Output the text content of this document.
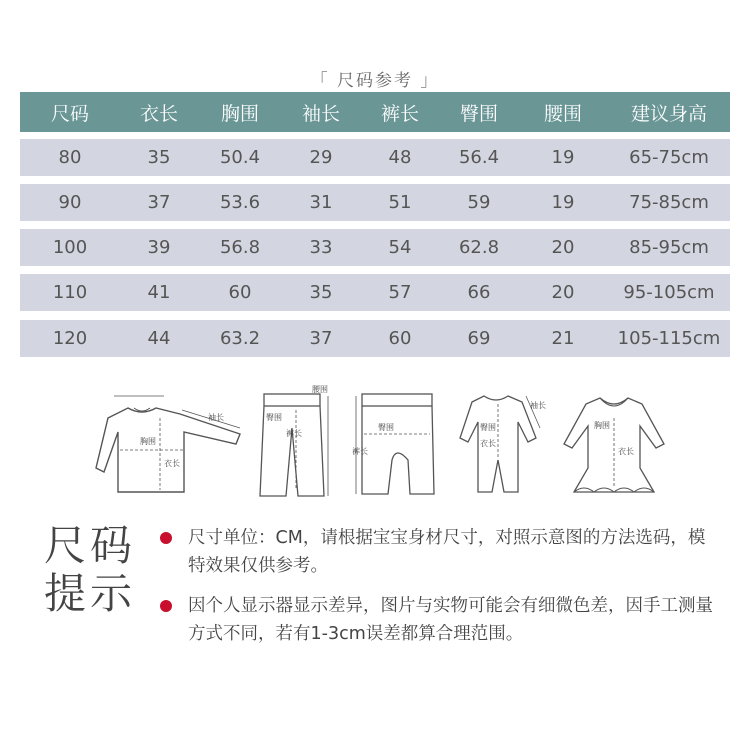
「 尺码参考 」
尺码	衣长	胸围	袖长	裤长	臀围	腰围	建议身高
80	35	50.4	29	48	56.4	19	65-75cm
90	37	53.6	31	51	59	19	75-85cm
100	39	56.8	33	54	62.8	20	85-95cm
110	41	60	35	57	66	20	95-105cm
120	44	63.2	37	60	69	21	105-115cm
胸围
衣长
袖长	臀围
裤长
腰围
臀围
裤长
臀围
衣长
袖长
胸围
衣长
尺码
提示
尺寸单位：CM，请根据宝宝身材尺寸，对照示意图的方法选码，模特效果仅供参考。
因个人显示器显示差异，图片与实物可能会有细微色差，因手工测量方式不同，若有1-3cm误差都算合理范围。
